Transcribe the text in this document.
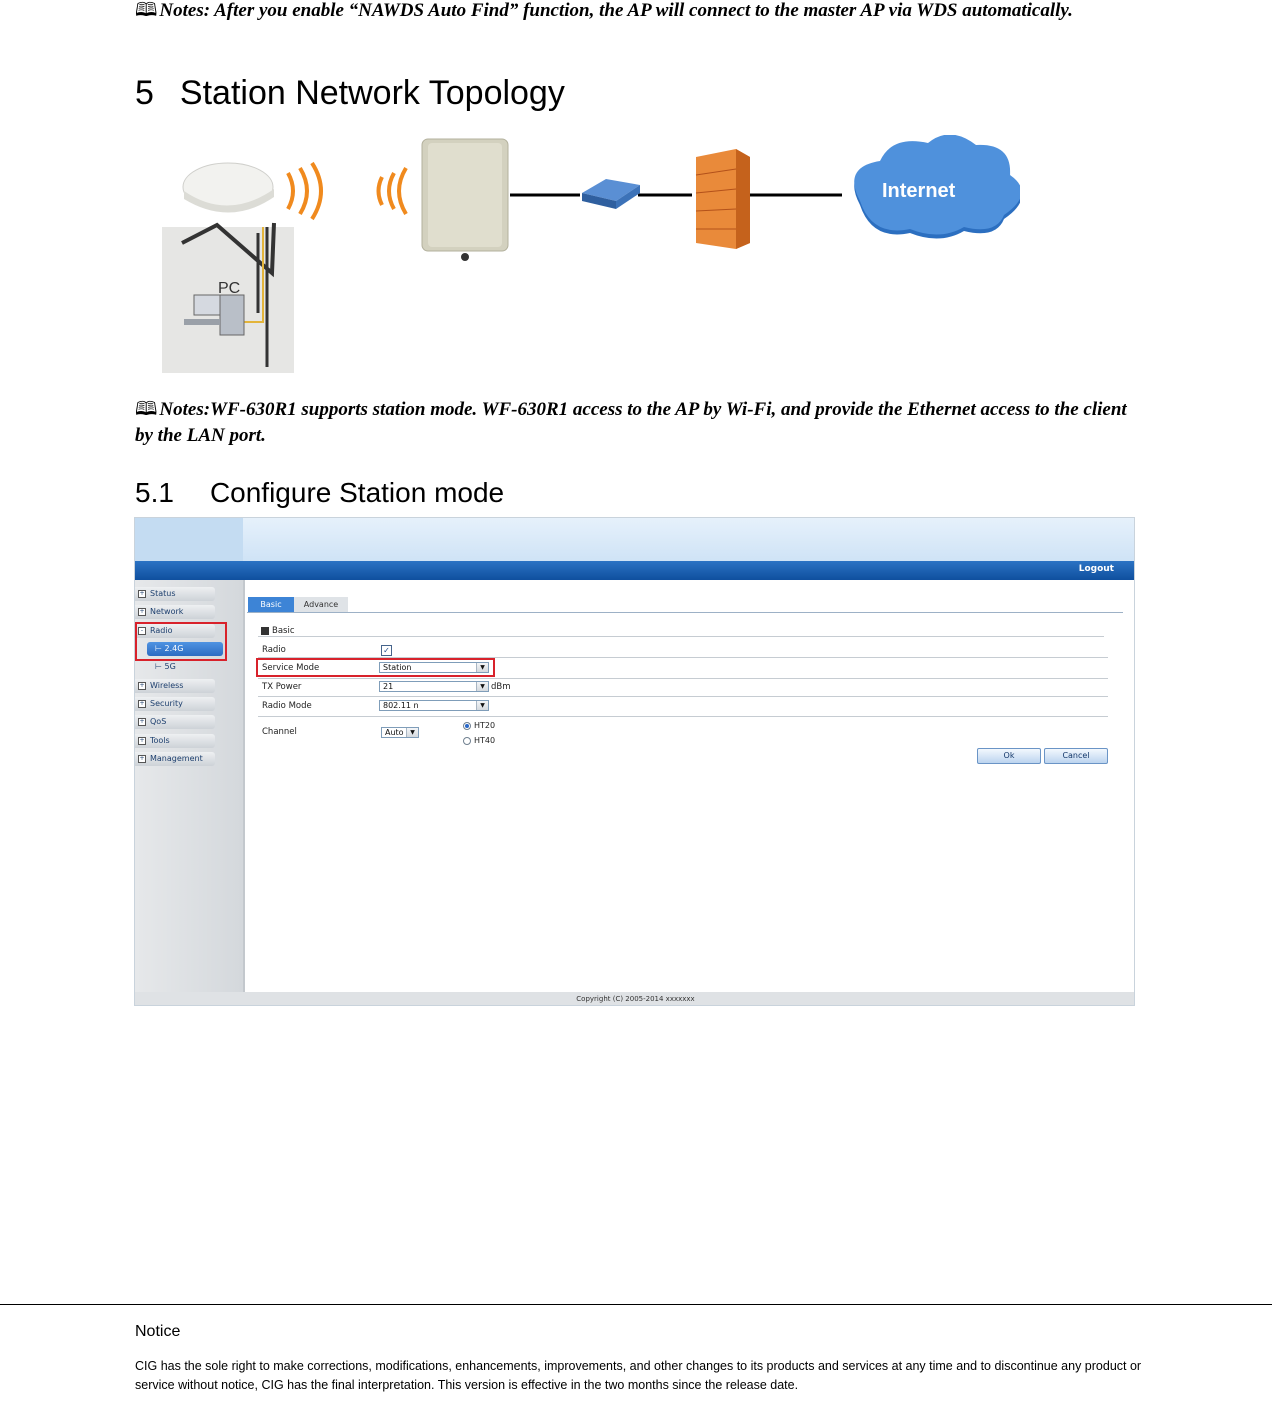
🕮 Notes: After you enable “NAWDS Auto Find” function, the AP will connect to the master AP via WDS automatically.
5 Station Network Topology
PC
Internet
🕮 Notes:WF-630R1 supports station mode. WF-630R1 access to the AP by Wi-Fi, and provide the Ethernet access to the client by the LAN port.
5.1 Configure Station mode
Logout
+ Status
+ Network
- Radio
⊢ 2.4G
⊢ 5G
+ Wireless
+ Security
+ QoS
+ Tools
+ Management
Basic	Advance
Basic
Radio	✓
Service Mode	Station	▼
TX Power	21	▼ dBm
Radio Mode	802.11 n	▼
Channel	Auto	▼
HT20
HT40
Ok	Cancel
Copyright (C) 2005-2014 xxxxxxx
Notice
CIG has the sole right to make corrections, modifications, enhancements, improvements, and other changes to its products and services at any time and to discontinue any product or service without notice, CIG has the final interpretation. This version is effective in the two months since the release date.
